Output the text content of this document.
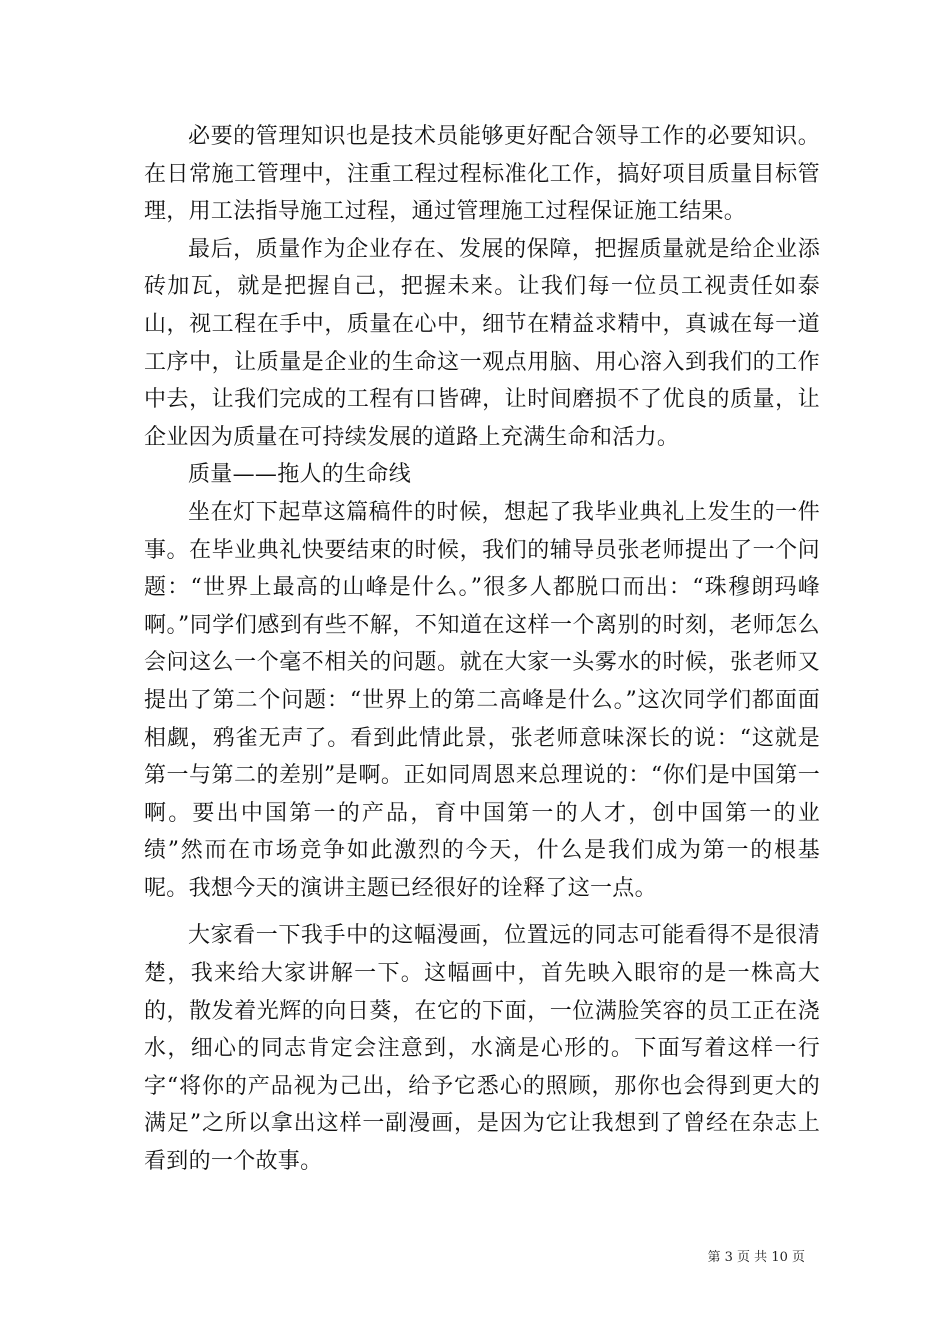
必要的管理知识也是技术员能够更好配合领导工作的必要知识。在日常施工管理中，注重工程过程标准化工作，搞好项目质量目标管理，用工法指导施工过程，通过管理施工过程保证施工结果。

最后，质量作为企业存在、发展的保障，把握质量就是给企业添砖加瓦，就是把握自己，把握未来。让我们每一位员工视责任如泰山，视工程在手中，质量在心中，细节在精益求精中，真诚在每一道工序中，让质量是企业的生命这一观点用脑、用心溶入到我们的工作中去，让我们完成的工程有口皆碑，让时间磨损不了优良的质量，让企业因为质量在可持续发展的道路上充满生命和活力。

质量——拖人的生命线

坐在灯下起草这篇稿件的时候，想起了我毕业典礼上发生的一件事。在毕业典礼快要结束的时候，我们的辅导员张老师提出了一个问题：“世界上最高的山峰是什么。”很多人都脱口而出：“珠穆朗玛峰啊。”同学们感到有些不解，不知道在这样一个离别的时刻，老师怎么会问这么一个毫不相关的问题。就在大家一头雾水的时候，张老师又提出了第二个问题：“世界上的第二高峰是什么。”这次同学们都面面相觑，鸦雀无声了。看到此情此景，张老师意味深长的说：“这就是第一与第二的差别”是啊。正如同周恩来总理说的：“你们是中国第一啊。要出中国第一的产品，育中国第一的人才，创中国第一的业绩”然而在市场竞争如此激烈的今天，什么是我们成为第一的根基呢。我想今天的演讲主题已经很好的诠释了这一点。

大家看一下我手中的这幅漫画，位置远的同志可能看得不是很清楚，我来给大家讲解一下。这幅画中，首先映入眼帘的是一株高大的，散发着光辉的向日葵，在它的下面，一位满脸笑容的员工正在浇水，细心的同志肯定会注意到，水滴是心形的。下面写着这样一行字“将你的产品视为己出，给予它悉心的照顾，那你也会得到更大的满足”之所以拿出这样一副漫画，是因为它让我想到了曾经在杂志上看到的一个故事。

第 3 页 共 10 页
